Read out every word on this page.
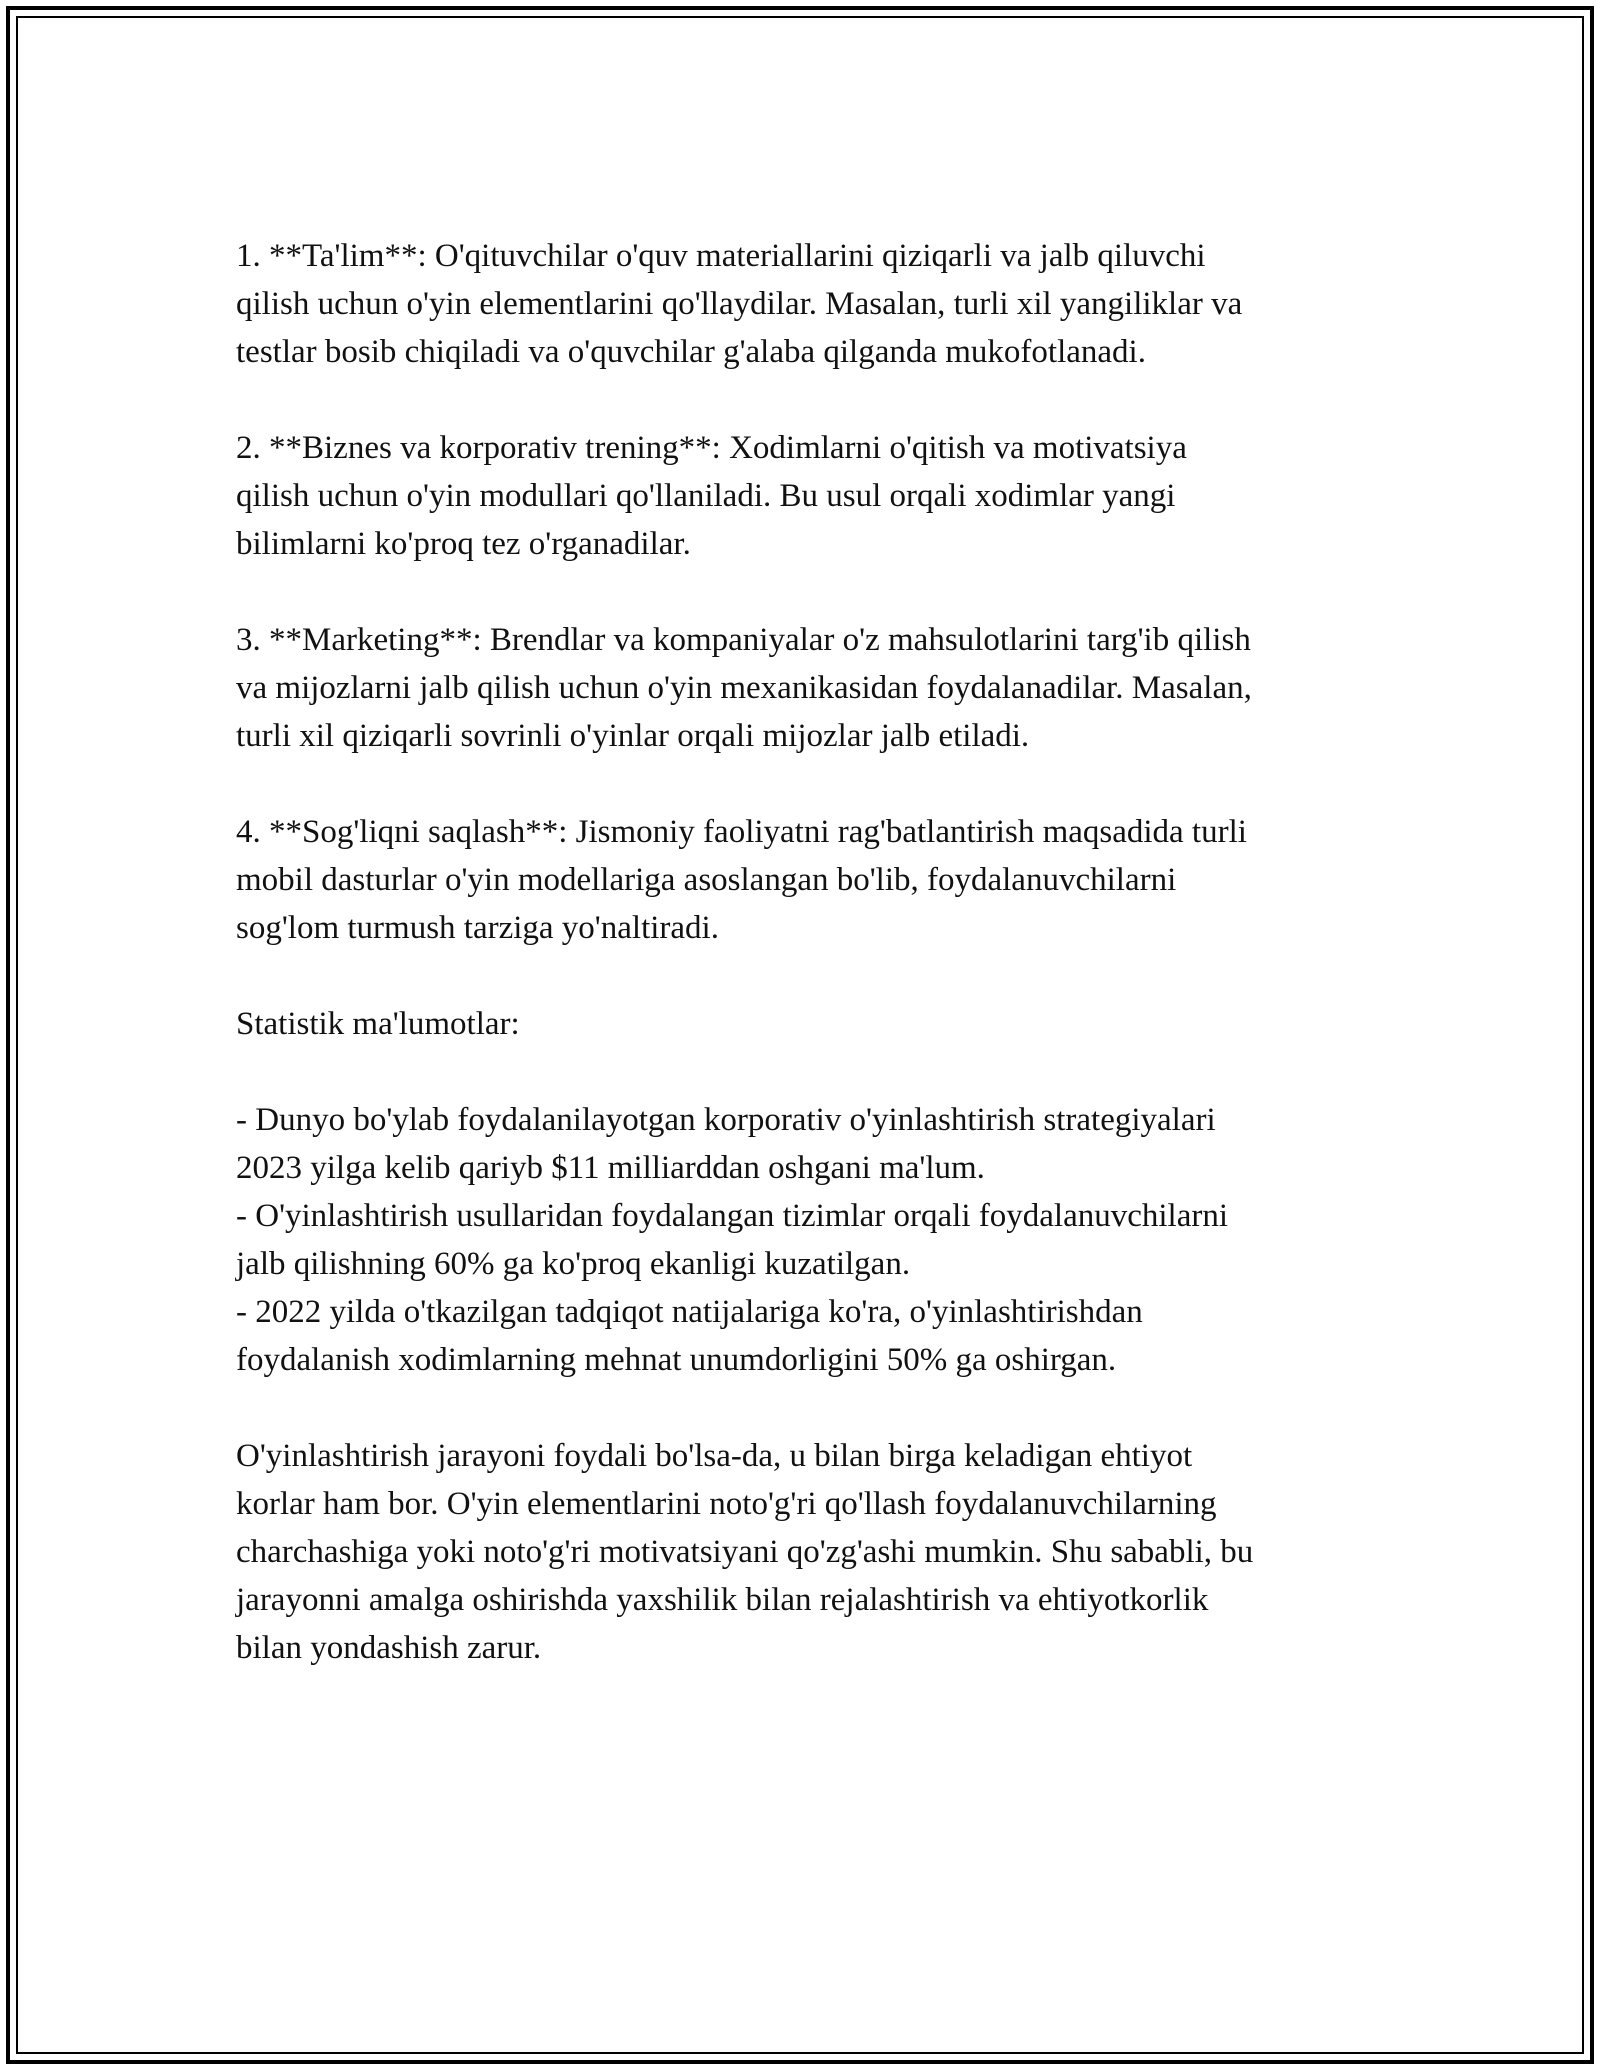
1. **Ta'lim**: O'qituvchilar o'quv materiallarini qiziqarli va jalb qiluvchi
qilish uchun o'yin elementlarini qo'llaydilar. Masalan, turli xil yangiliklar va
testlar bosib chiqiladi va o'quvchilar g'alaba qilganda mukofotlanadi.

2. **Biznes va korporativ trening**: Xodimlarni o'qitish va motivatsiya
qilish uchun o'yin modullari qo'llaniladi. Bu usul orqali xodimlar yangi
bilimlarni ko'proq tez o'rganadilar.

3. **Marketing**: Brendlar va kompaniyalar o'z mahsulotlarini targ'ib qilish
va mijozlarni jalb qilish uchun o'yin mexanikasidan foydalanadilar. Masalan,
turli xil qiziqarli sovrinli o'yinlar orqali mijozlar jalb etiladi.

4. **Sog'liqni saqlash**: Jismoniy faoliyatni rag'batlantirish maqsadida turli
mobil dasturlar o'yin modellariga asoslangan bo'lib, foydalanuvchilarni
sog'lom turmush tarziga yo'naltiradi.

Statistik ma'lumotlar:

- Dunyo bo'ylab foydalanilayotgan korporativ o'yinlashtirish strategiyalari
2023 yilga kelib qariyb $11 milliarddan oshgani ma'lum.

- O'yinlashtirish usullaridan foydalangan tizimlar orqali foydalanuvchilarni
jalb qilishning 60% ga ko'proq ekanligi kuzatilgan.

- 2022 yilda o'tkazilgan tadqiqot natijalariga ko'ra, o'yinlashtirishdan
foydalanish xodimlarning mehnat unumdorligini 50% ga oshirgan.

O'yinlashtirish jarayoni foydali bo'lsa-da, u bilan birga keladigan ehtiyot
korlar ham bor. O'yin elementlarini noto'g'ri qo'llash foydalanuvchilarning
charchashiga yoki noto'g'ri motivatsiyani qo'zg'ashi mumkin. Shu sababli, bu
jarayonni amalga oshirishda yaxshilik bilan rejalashtirish va ehtiyotkorlik
bilan yondashish zarur.
